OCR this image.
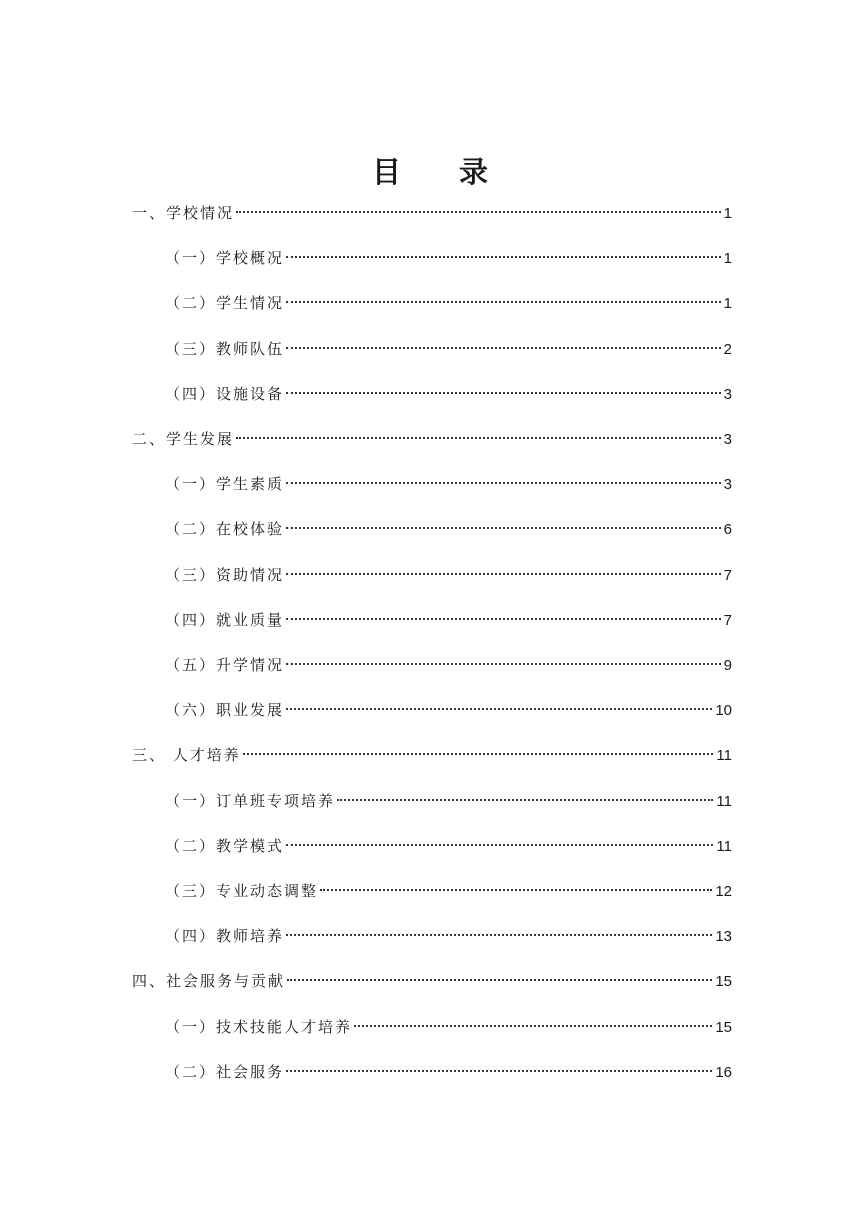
目 录
一、学校情况	1
（一）学校概况	1
（二）学生情况	1
（三）教师队伍	2
（四）设施设备	3
二、学生发展	3
（一）学生素质	3
（二）在校体验	6
（三）资助情况	7
（四）就业质量	7
（五）升学情况	9
（六）职业发展	10
三、 人才培养	11
（一）订单班专项培养	11
（二）教学模式	11
（三）专业动态调整	12
（四）教师培养	13
四、社会服务与贡献	15
（一）技术技能人才培养	15
（二）社会服务	16
